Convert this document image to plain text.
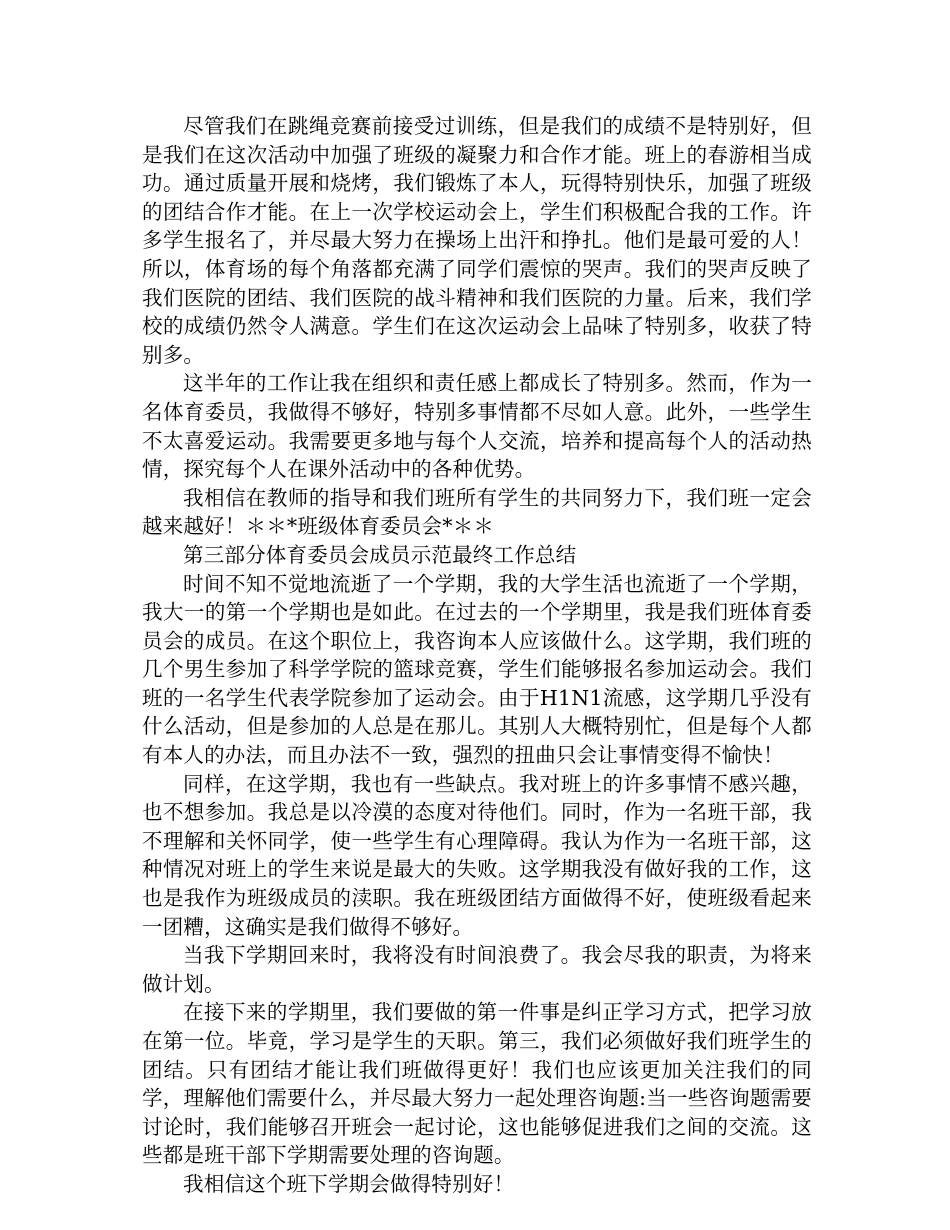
尽管我们在跳绳竞赛前接受过训练，但是我们的成绩不是特别好，但是我们在这次活动中加强了班级的凝聚力和合作才能。班上的春游相当成功。通过质量开展和烧烤，我们锻炼了本人，玩得特别快乐，加强了班级的团结合作才能。在上一次学校运动会上，学生们积极配合我的工作。许多学生报名了，并尽最大努力在操场上出汗和挣扎。他们是最可爱的人！所以，体育场的每个角落都充满了同学们震惊的哭声。我们的哭声反映了我们医院的团结、我们医院的战斗精神和我们医院的力量。后来，我们学校的成绩仍然令人满意。学生们在这次运动会上品味了特别多，收获了特别多。

这半年的工作让我在组织和责任感上都成长了特别多。然而，作为一名体育委员，我做得不够好，特别多事情都不尽如人意。此外，一些学生不太喜爱运动。我需要更多地与每个人交流，培养和提高每个人的活动热情，探究每个人在课外活动中的各种优势。

我相信在教师的指导和我们班所有学生的共同努力下，我们班一定会越来越好！＊＊*班级体育委员会*＊＊

第三部分体育委员会成员示范最终工作总结

时间不知不觉地流逝了一个学期，我的大学生活也流逝了一个学期，我大一的第一个学期也是如此。在过去的一个学期里，我是我们班体育委员会的成员。在这个职位上，我咨询本人应该做什么。这学期，我们班的几个男生参加了科学学院的篮球竞赛，学生们能够报名参加运动会。我们班的一名学生代表学院参加了运动会。由于H1N1流感，这学期几乎没有什么活动，但是参加的人总是在那儿。其别人大概特别忙，但是每个人都有本人的办法，而且办法不一致，强烈的扭曲只会让事情变得不愉快！

同样，在这学期，我也有一些缺点。我对班上的许多事情不感兴趣，也不想参加。我总是以冷漠的态度对待他们。同时，作为一名班干部，我不理解和关怀同学，使一些学生有心理障碍。我认为作为一名班干部，这种情况对班上的学生来说是最大的失败。这学期我没有做好我的工作，这也是我作为班级成员的渎职。我在班级团结方面做得不好，使班级看起来一团糟，这确实是我们做得不够好。

当我下学期回来时，我将没有时间浪费了。我会尽我的职责，为将来做计划。

在接下来的学期里，我们要做的第一件事是纠正学习方式，把学习放在第一位。毕竟，学习是学生的天职。第三，我们必须做好我们班学生的团结。只有团结才能让我们班做得更好！我们也应该更加关注我们的同学，理解他们需要什么，并尽最大努力一起处理咨询题:当一些咨询题需要讨论时，我们能够召开班会一起讨论，这也能够促进我们之间的交流。这些都是班干部下学期需要处理的咨询题。

我相信这个班下学期会做得特别好！
